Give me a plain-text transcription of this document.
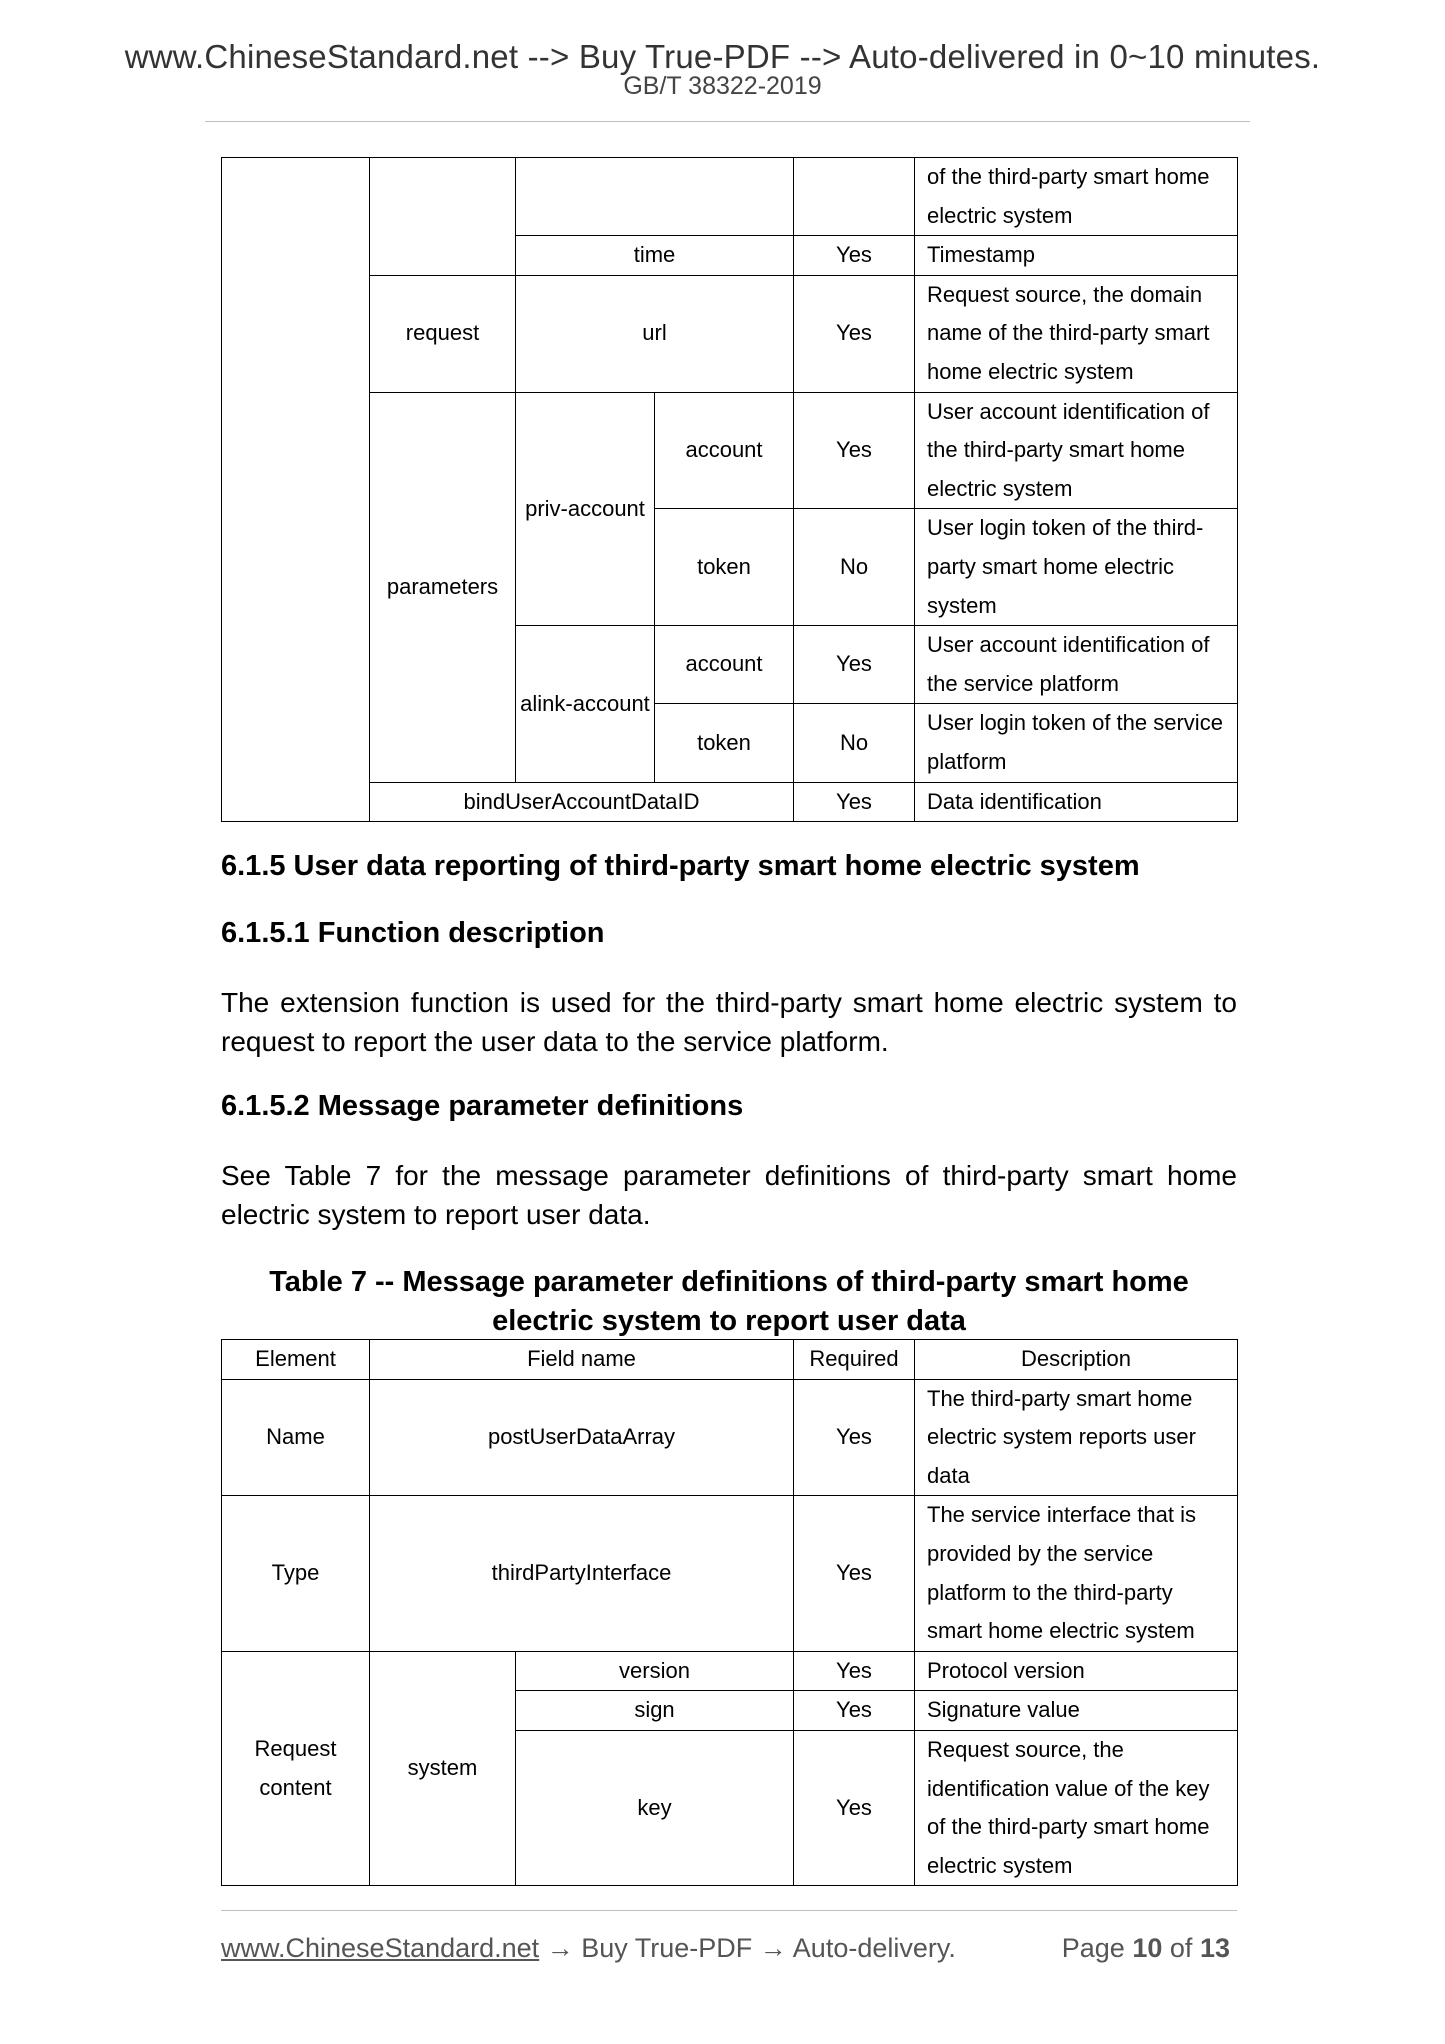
www.ChineseStandard.net --> Buy True-PDF --> Auto-delivered in 0~10 minutes.
GB/T 38322-2019
					of the third-party smart home electric system
		time		Yes	Timestamp
	request	url		Yes	Request source, the domain name of the third-party smart home electric system
	parameters	priv-account	account	Yes	User account identification of the third-party smart home electric system
			token	No	User login token of the third-party smart home electric system
		alink-account	account	Yes	User account identification of the service platform
			token	No	User login token of the service platform
	bindUserAccountDataID			Yes	Data identification
6.1.5 User data reporting of third-party smart home electric system
6.1.5.1 Function description
The extension function is used for the third-party smart home electric system to request to report the user data to the service platform.
6.1.5.2 Message parameter definitions
See Table 7 for the message parameter definitions of third-party smart home electric system to report user data.
Table 7 -- Message parameter definitions of third-party smart home
electric system to report user data
Element	Field name		Required	Description
Name	postUserDataArray		Yes	The third-party smart home electric system reports user data
Type	thirdPartyInterface		Yes	The service interface that is provided by the service platform to the third-party smart home electric system
Request content	system	version	Yes	Protocol version
		sign	Yes	Signature value
		key	Yes	Request source, the identification value of the key of the third-party smart home electric system
www.ChineseStandard.net → Buy True-PDF → Auto-delivery.	Page 10 of 13
